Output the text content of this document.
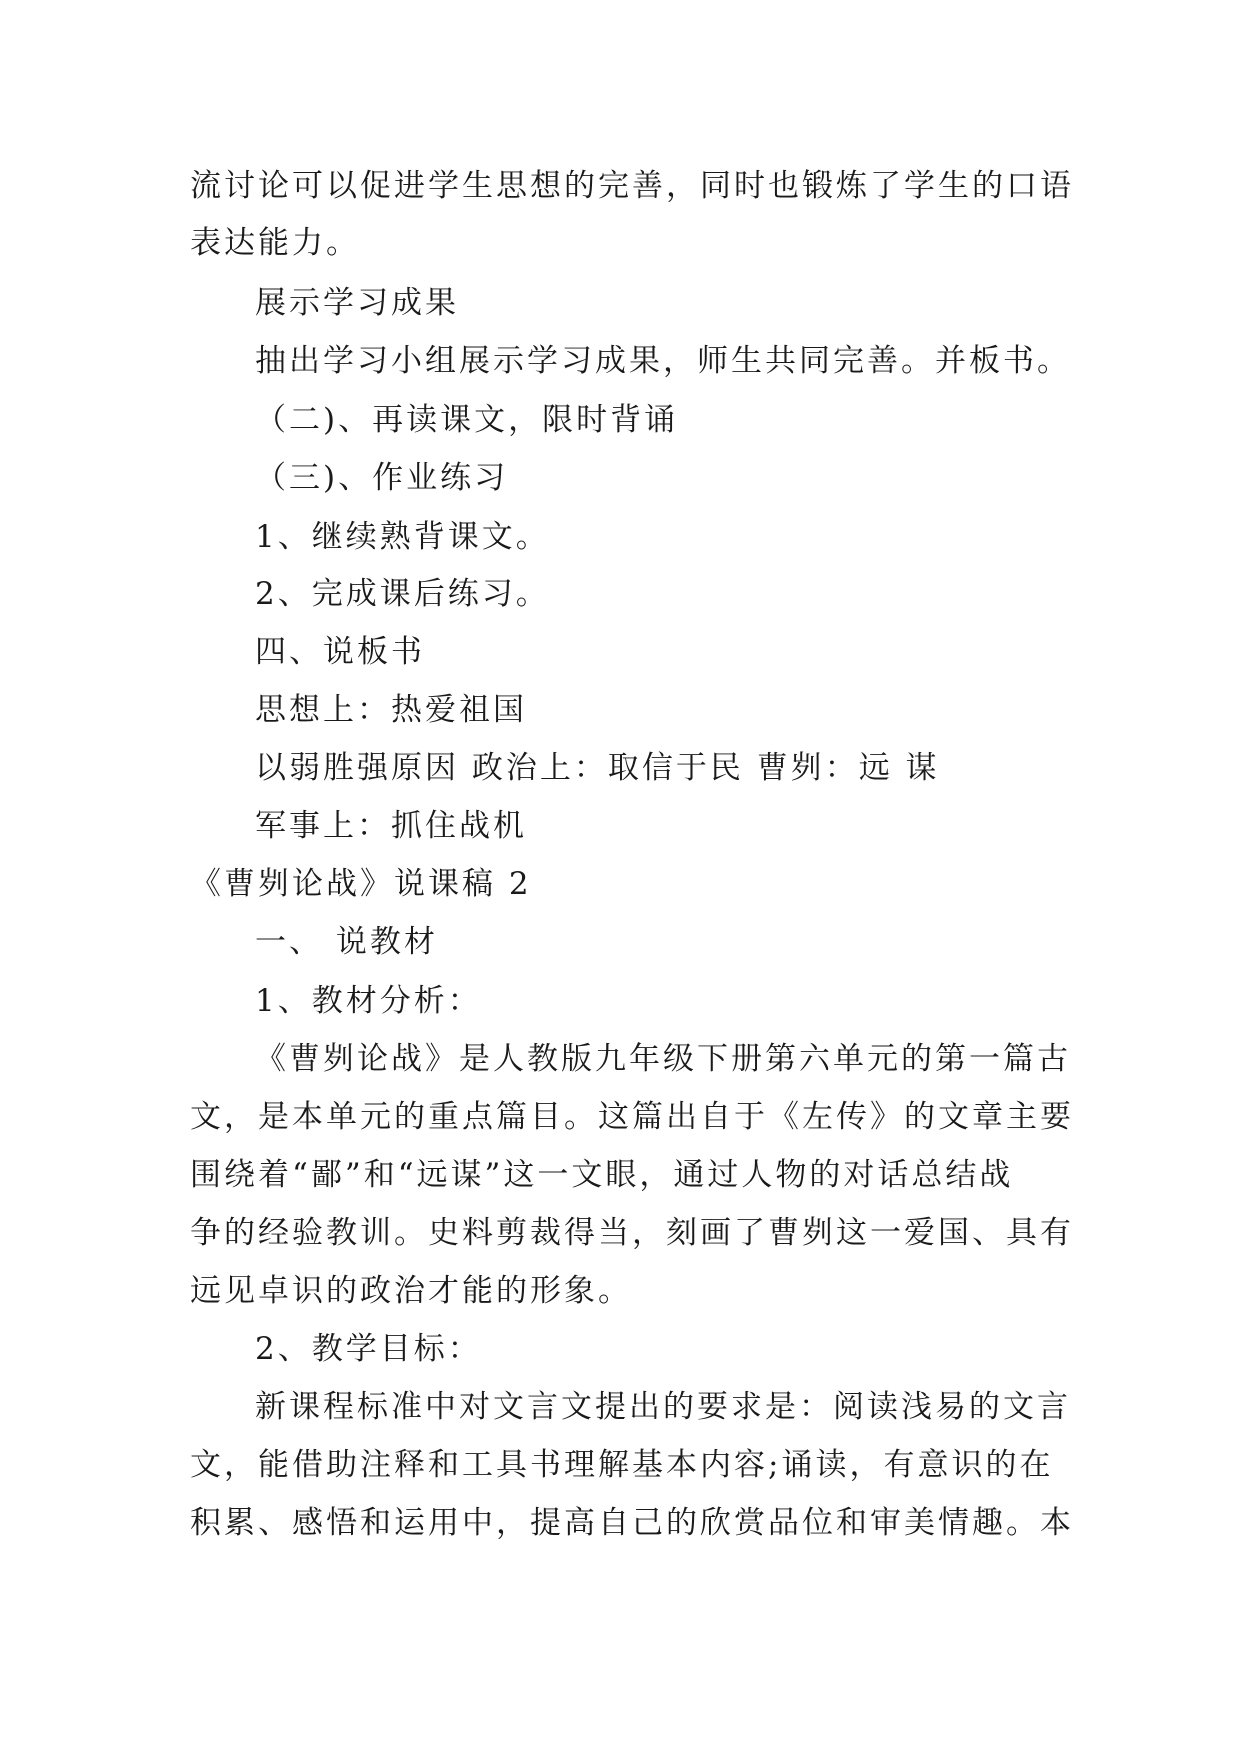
流讨论可以促进学生思想的完善，同时也锻炼了学生的口语
表达能力。
展示学习成果
抽出学习小组展示学习成果，师生共同完善。并板书。
（二)、再读课文，限时背诵
（三)、作业练习
1、继续熟背课文。
2、完成课后练习。
四、说板书
思想上：热爱祖国
以弱胜强原因 政治上：取信于民 曹刿：远 谋
军事上：抓住战机
《曹刿论战》说课稿 2
一、 说教材
1、教材分析：
《曹刿论战》是人教版九年级下册第六单元的第一篇古
文，是本单元的重点篇目。这篇出自于《左传》的文章主要
围绕着“鄙”和“远谋”这一文眼，通过人物的对话总结战
争的经验教训。史料剪裁得当，刻画了曹刿这一爱国、具有
远见卓识的政治才能的形象。
2、教学目标：
新课程标准中对文言文提出的要求是：阅读浅易的文言
文，能借助注释和工具书理解基本内容;诵读，有意识的在
积累、感悟和运用中，提高自己的欣赏品位和审美情趣。本
